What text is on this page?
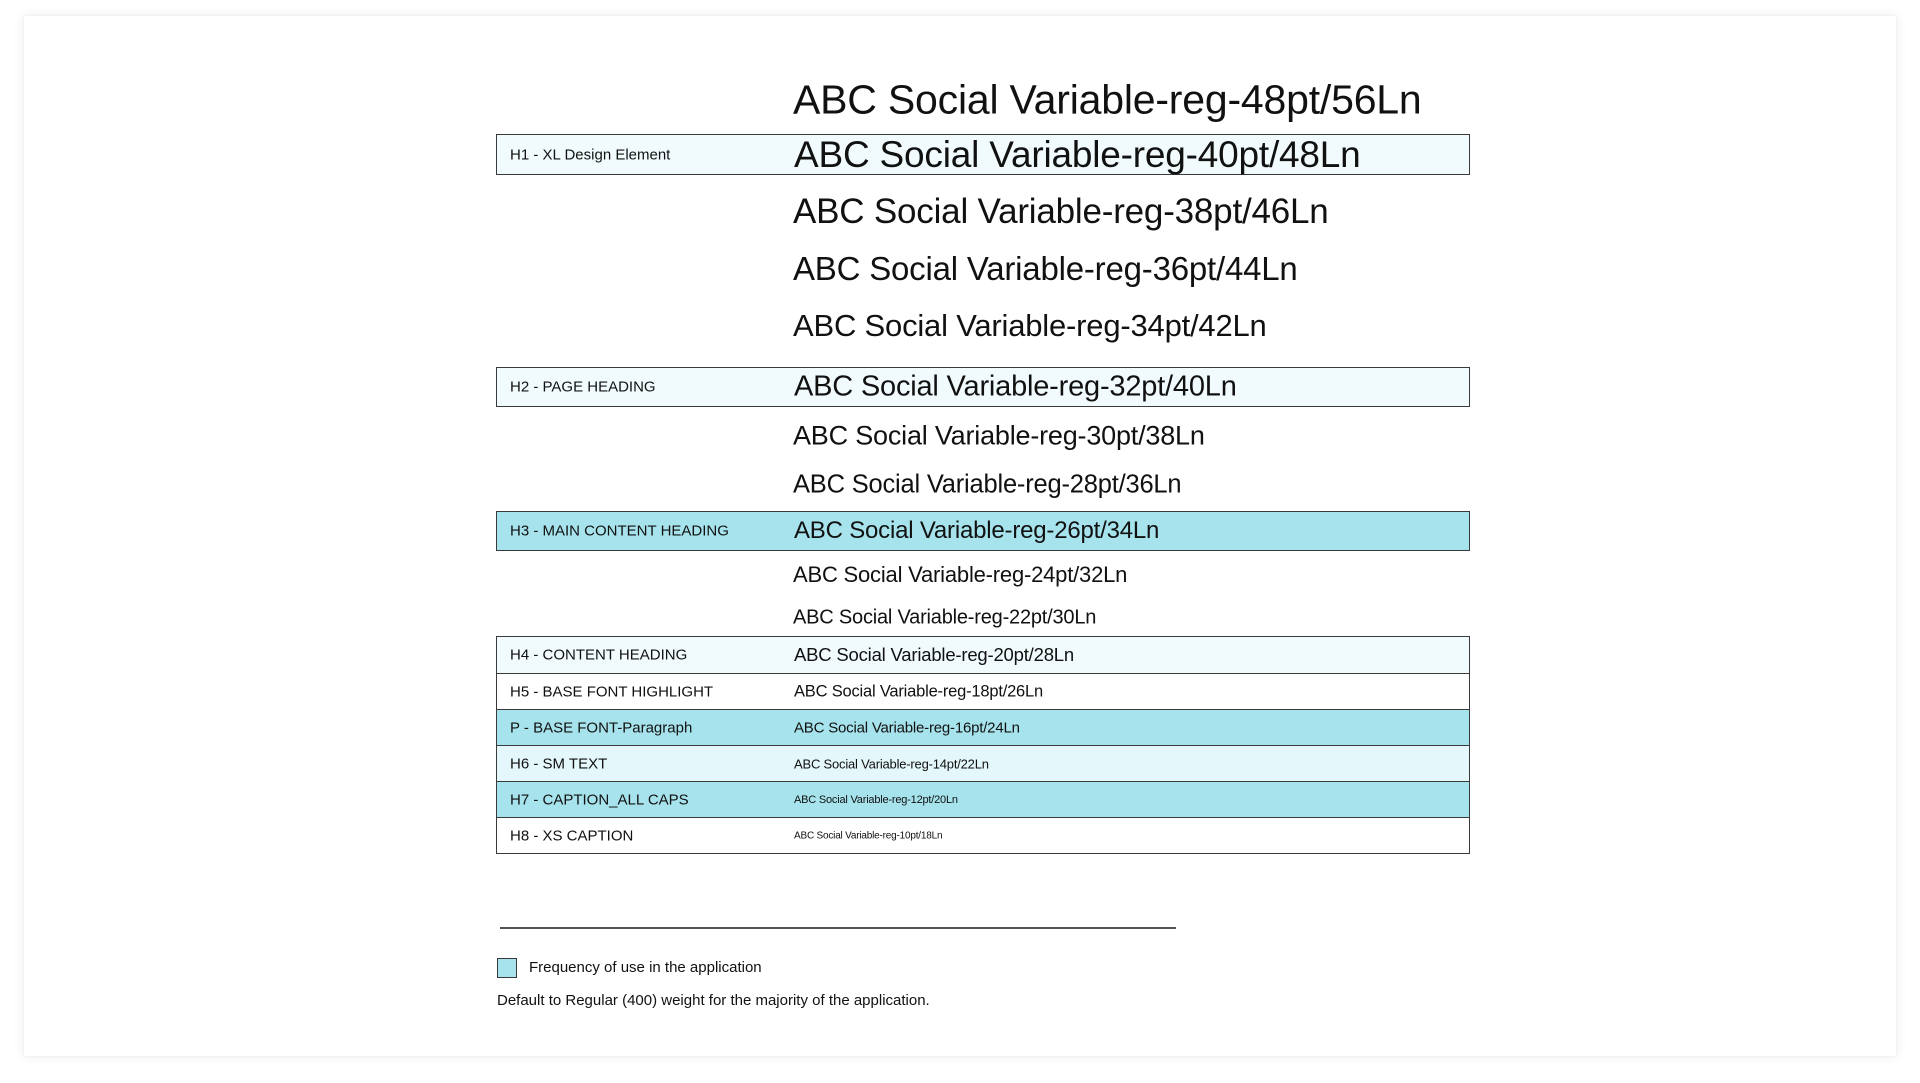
ABC Social Variable-reg-48pt/56Ln
H1 - XL Design Element	ABC Social Variable-reg-40pt/48Ln
ABC Social Variable-reg-38pt/46Ln
ABC Social Variable-reg-36pt/44Ln
ABC Social Variable-reg-34pt/42Ln
H2 - PAGE HEADING	ABC Social Variable-reg-32pt/40Ln
ABC Social Variable-reg-30pt/38Ln
ABC Social Variable-reg-28pt/36Ln
H3 - MAIN CONTENT HEADING	ABC Social Variable-reg-26pt/34Ln
ABC Social Variable-reg-24pt/32Ln
ABC Social Variable-reg-22pt/30Ln
H4 - CONTENT HEADING	ABC Social Variable-reg-20pt/28Ln
H5 - BASE FONT HIGHLIGHT	ABC Social Variable-reg-18pt/26Ln
P - BASE FONT-Paragraph	ABC Social Variable-reg-16pt/24Ln
H6 - SM TEXT	ABC Social Variable-reg-14pt/22Ln
H7 - CAPTION_ALL CAPS	ABC Social Variable-reg-12pt/20Ln
H8 - XS CAPTION	ABC Social Variable-reg-10pt/18Ln
Frequency of use in the application
Default to Regular (400) weight for the majority of the application.
